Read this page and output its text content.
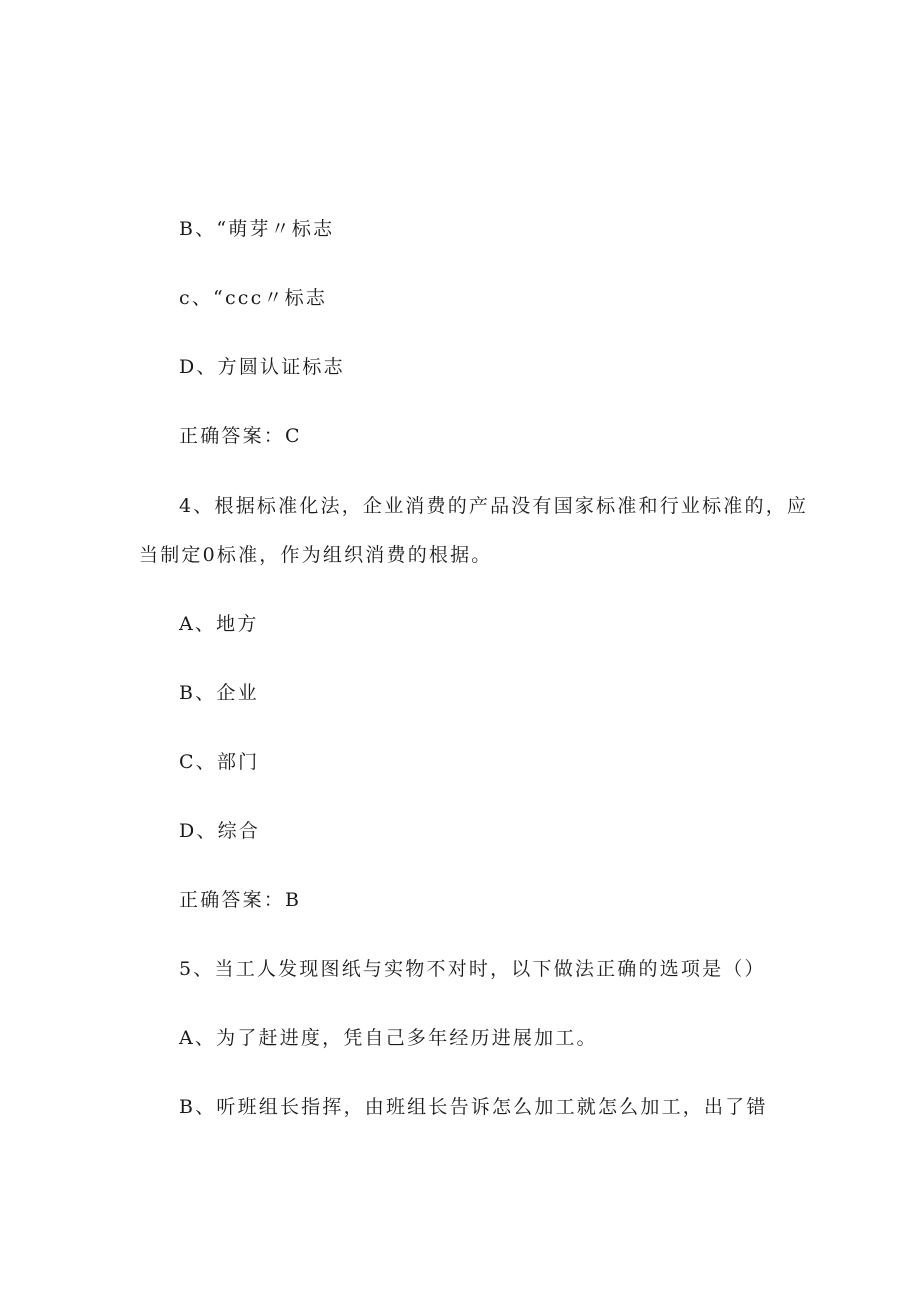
B、“萌芽〃标志
c、“ccc〃标志
D、方圆认证标志
正确答案：C
4、根据标准化法，企业消费的产品没有国家标准和行业标准的，应
当制定0标准，作为组织消费的根据。
A、地方
B、企业
C、部门
D、综合
正确答案：B
5、当工人发现图纸与实物不对时，以下做法正确的选项是（）
A、为了赶进度，凭自己多年经历进展加工。
B、听班组长指挥，由班组长告诉怎么加工就怎么加工，出了错
